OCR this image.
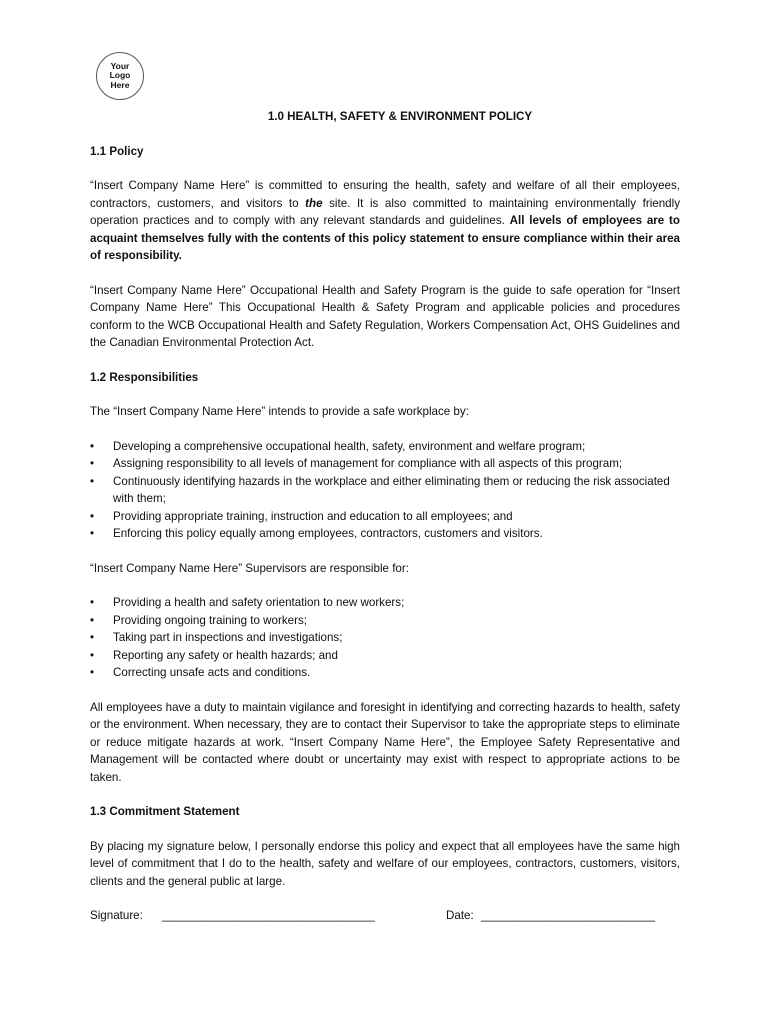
Your Logo Here
1.0 HEALTH, SAFETY & ENVIRONMENT POLICY
1.1 Policy

“Insert Company Name Here” is committed to ensuring the health, safety and welfare of all their employees, contractors, customers, and visitors to the site. It is also committed to maintaining environmentally friendly operation practices and to comply with any relevant standards and guidelines. All levels of employees are to acquaint themselves fully with the contents of this policy statement to ensure compliance within their area of responsibility.

“Insert Company Name Here” Occupational Health and Safety Program is the guide to safe operation for “Insert Company Name Here” This Occupational Health & Safety Program and applicable policies and procedures conform to the WCB Occupational Health and Safety Regulation, Workers Compensation Act, OHS Guidelines and the Canadian Environmental Protection Act.

1.2 Responsibilities

The “Insert Company Name Here” intends to provide a safe workplace by:

• Developing a comprehensive occupational health, safety, environment and welfare program;
• Assigning responsibility to all levels of management for compliance with all aspects of this program;
• Continuously identifying hazards in the workplace and either eliminating them or reducing the risk associated with them;
• Providing appropriate training, instruction and education to all employees; and
• Enforcing this policy equally among employees, contractors, customers and visitors.

“Insert Company Name Here” Supervisors are responsible for:

• Providing a health and safety orientation to new workers;
• Providing ongoing training to workers;
• Taking part in inspections and investigations;
• Reporting any safety or health hazards; and
• Correcting unsafe acts and conditions.

All employees have a duty to maintain vigilance and foresight in identifying and correcting hazards to health, safety or the environment. When necessary, they are to contact their Supervisor to take the appropriate steps to eliminate or reduce mitigate hazards at work. “Insert Company Name Here”, the Employee Safety Representative and Management will be contacted where doubt or uncertainty may exist with respect to appropriate actions to be taken.

1.3 Commitment Statement

By placing my signature below, I personally endorse this policy and expect that all employees have the same high level of commitment that I do to the health, safety and welfare of our employees, contractors, customers, visitors, clients and the general public at large.

Signature:	_________________________________	Date: ___________________________
